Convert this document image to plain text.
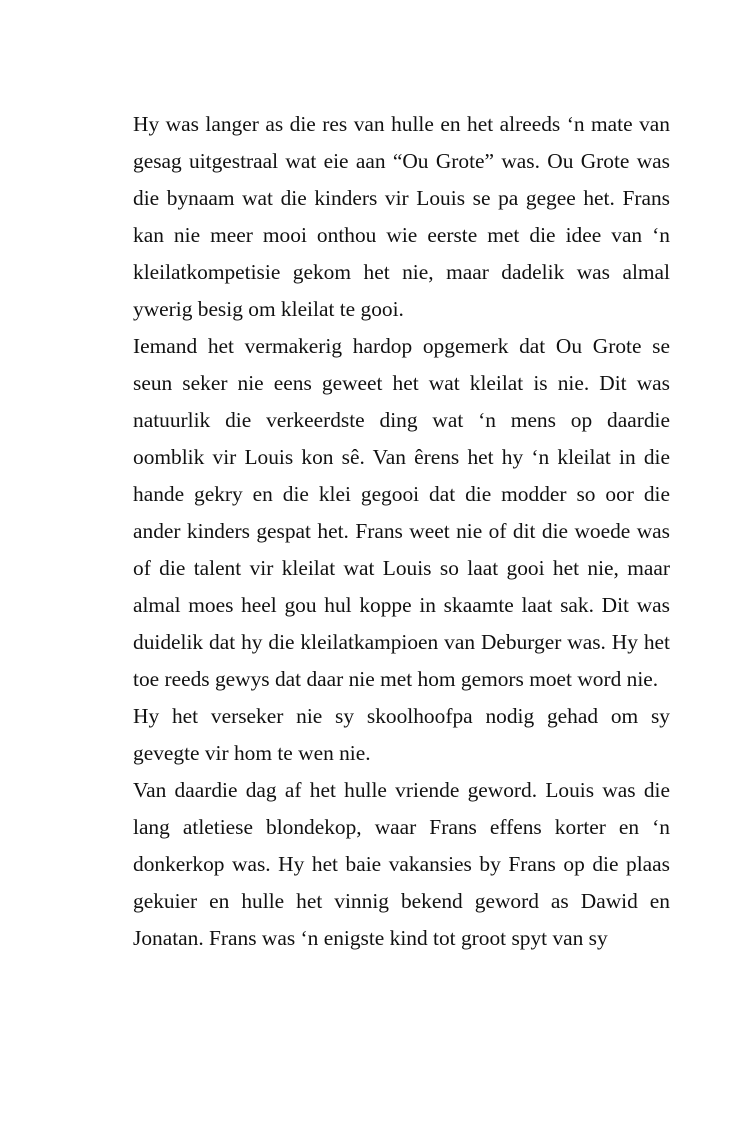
Hy was langer as die res van hulle en het alreeds ‘n mate van gesag uitgestraal wat eie aan “Ou Grote” was. Ou Grote was die bynaam wat die kinders vir Louis se pa gegee het. Frans kan nie meer mooi onthou wie eerste met die idee van ‘n kleilatkompetisie gekom het nie, maar dadelik was almal ywerig besig om kleilat te gooi.

Iemand het vermakerig hardop opgemerk dat Ou Grote se seun seker nie eens geweet het wat kleilat is nie. Dit was natuurlik die verkeerdste ding wat ‘n mens op daardie oomblik vir Louis kon sê. Van êrens het hy ‘n kleilat in die hande gekry en die klei gegooi dat die modder so oor die ander kinders gespat het. Frans weet nie of dit die woede was of die talent vir kleilat wat Louis so laat gooi het nie, maar almal moes heel gou hul koppe in skaamte laat sak. Dit was duidelik dat hy die kleilatkampioen van Deburger was. Hy het toe reeds gewys dat daar nie met hom gemors moet word nie.

Hy het verseker nie sy skoolhoofpa nodig gehad om sy gevegte vir hom te wen nie.

Van daardie dag af het hulle vriende geword. Louis was die lang atletiese blondekop, waar Frans effens korter en ‘n donkerkop was. Hy het baie vakansies by Frans op die plaas gekuier en hulle het vinnig bekend geword as Dawid en Jonatan. Frans was ‘n enigste kind tot groot spyt van sy
